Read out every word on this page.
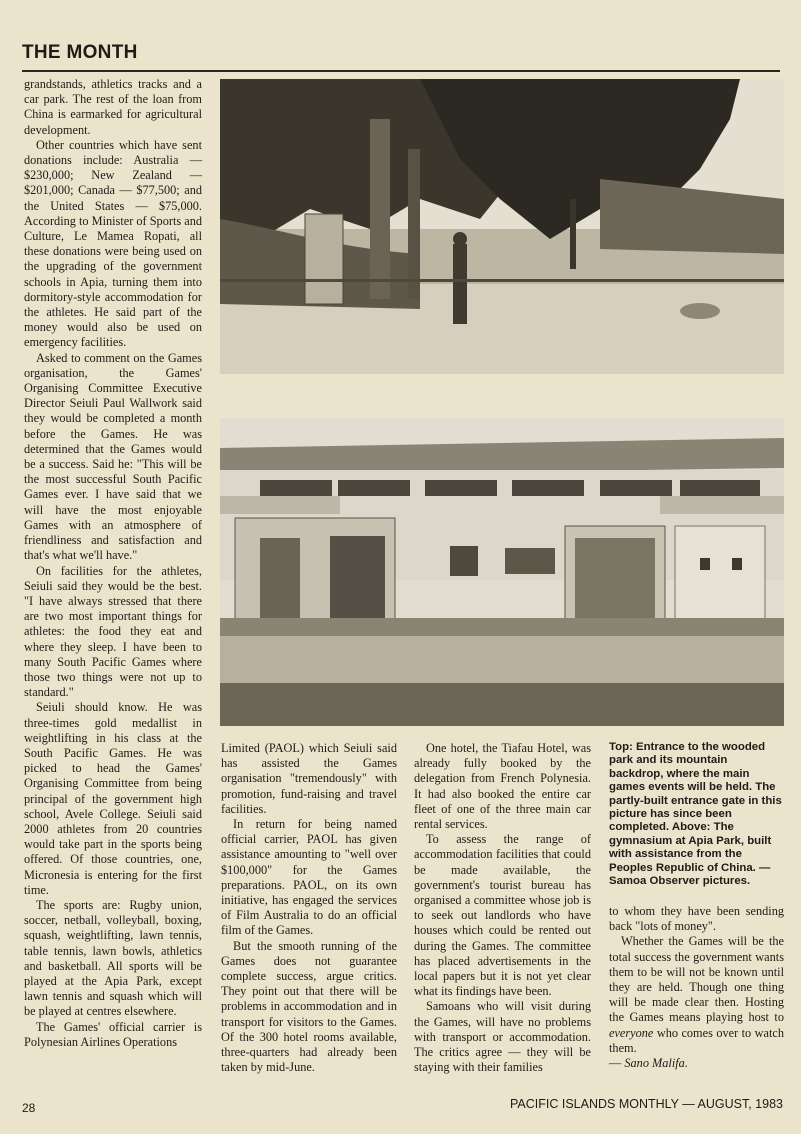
THE MONTH

grandstands, athletics tracks and a car park. The rest of the loan from China is earmarked for agricultural development.

Other countries which have sent donations include: Australia — $230,000; New Zealand — $201,000; Canada — $77,500; and the United States — $75,000. According to Minister of Sports and Culture, Le Mamea Ropati, all these donations were being used on the upgrading of the government schools in Apia, turning them into dormitory-style accommodation for the athletes. He said part of the money would also be used on emergency facilities.

Asked to comment on the Games organisation, the Games' Organising Committee Executive Director Seiuli Paul Wallwork said they would be completed a month before the Games. He was determined that the Games would be a success. Said he: "This will be the most successful South Pacific Games ever. I have said that we will have the most enjoyable Games with an atmosphere of friendliness and satisfaction and that's what we'll have."

On facilities for the athletes, Seiuli said they would be the best. "I have always stressed that there are two most important things for athletes: the food they eat and where they sleep. I have been to many South Pacific Games where those two things were not up to standard."

Seiuli should know. He was three-times gold medallist in weightlifting in his class at the South Pacific Games. He was picked to head the Games' Organising Committee from being principal of the government high school, Avele College. Seiuli said 2000 athletes from 20 countries would take part in the sports being offered. Of those countries, one, Micronesia is entering for the first time.

The sports are: Rugby union, soccer, netball, volleyball, boxing, squash, weightlifting, lawn tennis, table tennis, lawn bowls, athletics and basketball. All sports will be played at the Apia Park, except lawn tennis and squash which will be played at centres elsewhere.

The Games' official carrier is Polynesian Airlines Operations

Limited (PAOL) which Seiuli said has assisted the Games organisation "tremendously" with promotion, fund-raising and travel facilities.

In return for being named official carrier, PAOL has given assistance amounting to "well over $100,000" for the Games preparations. PAOL, on its own initiative, has engaged the services of Film Australia to do an official film of the Games.

But the smooth running of the Games does not guarantee complete success, argue critics. They point out that there will be problems in accommodation and in transport for visitors to the Games. Of the 300 hotel rooms available, three-quarters had already been taken by mid-June.

One hotel, the Tiafau Hotel, was already fully booked by the delegation from French Polynesia. It had also booked the entire car fleet of one of the three main car rental services.

To assess the range of accommodation facilities that could be made available, the government's tourist bureau has organised a committee whose job is to seek out landlords who have houses which could be rented out during the Games. The committee has placed advertisements in the local papers but it is not yet clear what its findings have been.

Samoans who will visit during the Games, will have no problems with transport or accommodation. The critics agree — they will be staying with their families

Top: Entrance to the wooded park and its mountain backdrop, where the main games events will be held. The partly-built entrance gate in this picture has since been completed. Above: The gymnasium at Apia Park, built with assistance from the Peoples Republic of China. — Samoa Observer pictures.

to whom they have been sending back "lots of money".

Whether the Games will be the total success the government wants them to be will not be known until they are held. Though one thing will be made clear then. Hosting the Games means playing host to everyone who comes over to watch them.

— Sano Malifa.

28	PACIFIC ISLANDS MONTHLY — AUGUST, 1983
